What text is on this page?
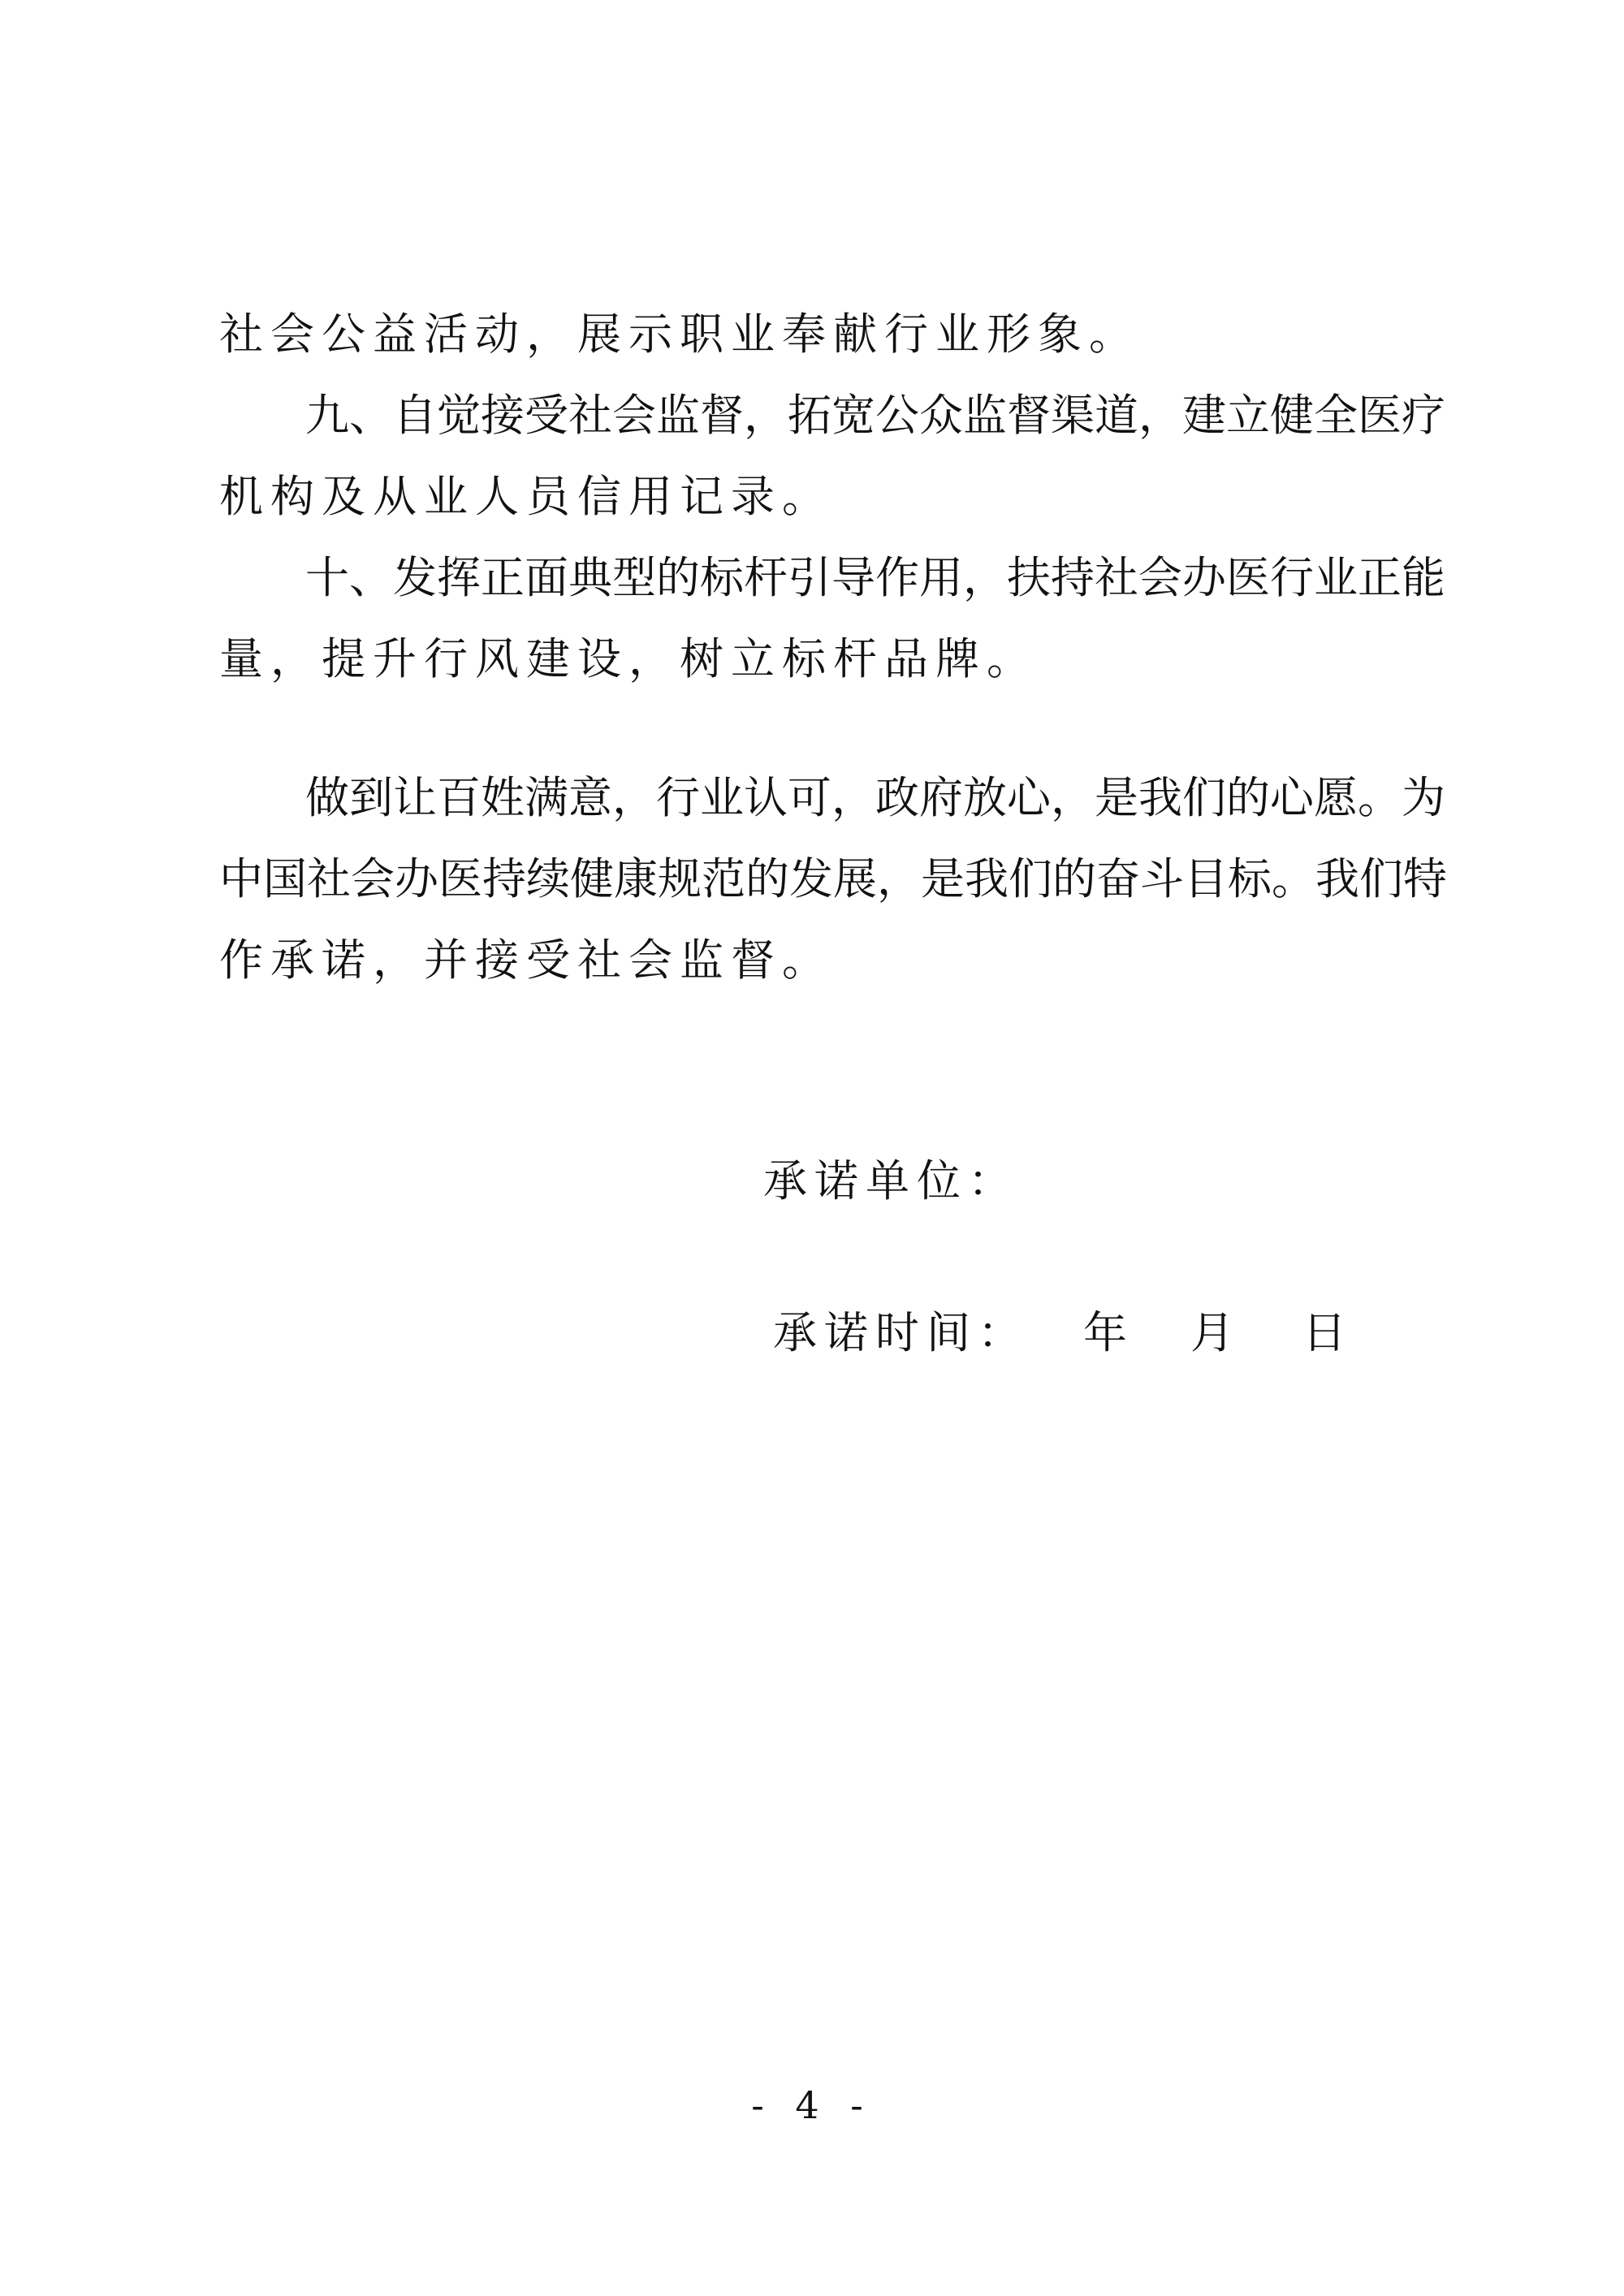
社会公益活动，展示职业奉献行业形象。
九、自觉接受社会监督，拓宽公众监督渠道，建立健全医疗
机构及从业人员信用记录。
十、发挥正面典型的标杆引导作用，扶持社会办医行业正能
量，提升行风建设，树立标杆品牌。
做到让百姓满意，行业认可，政府放心，是我们的心愿。为
中国社会办医持续健康规范的发展，是我们的奋斗目标。我们特
作承诺，并接受社会监督。
承诺单位：
承诺时间： 年 月 日
- 4 -
